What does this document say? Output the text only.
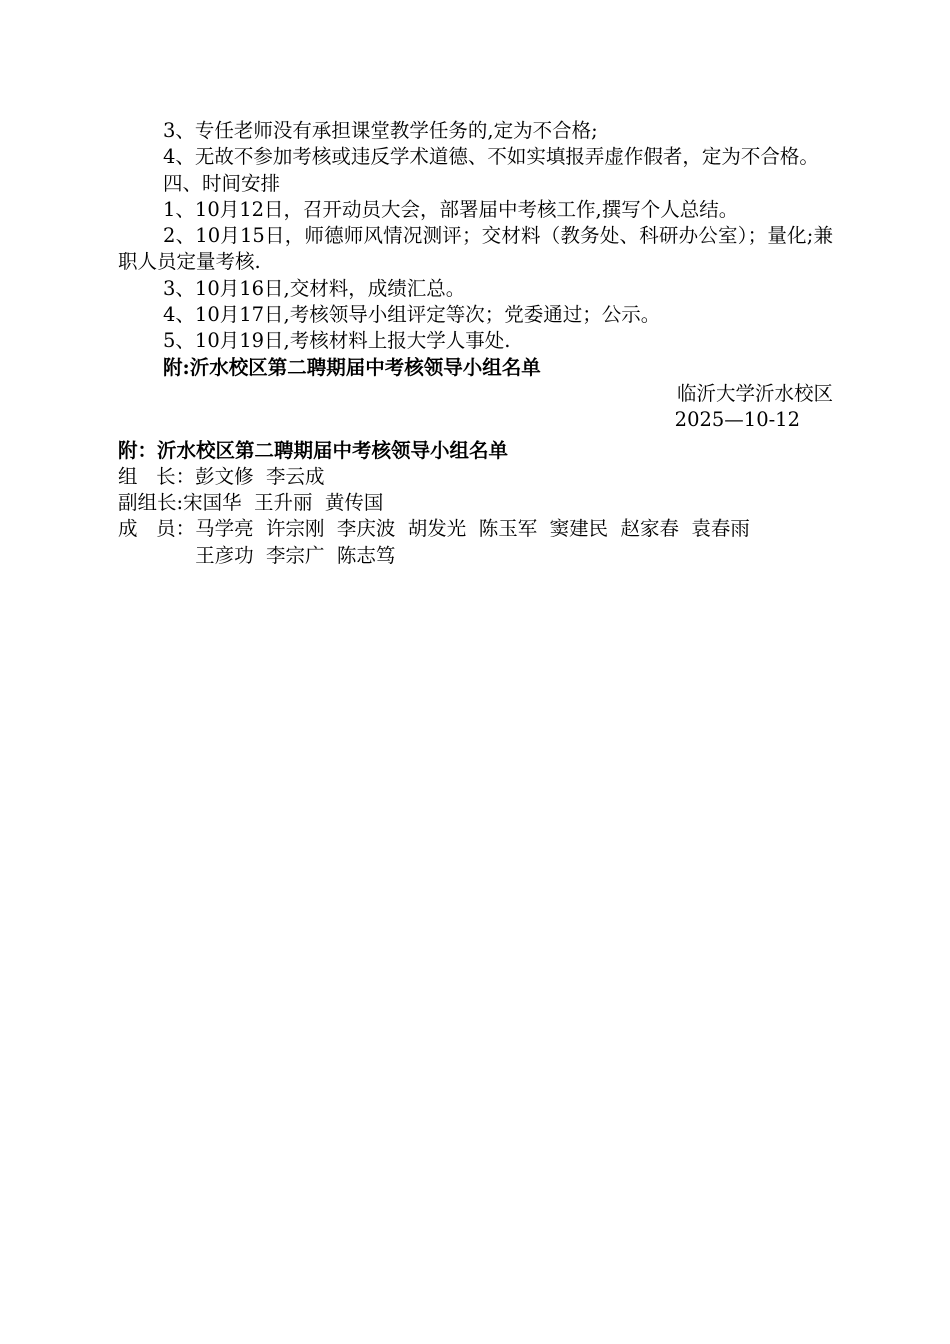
3、专任老师没有承担课堂教学任务的,定为不合格;

4、无故不参加考核或违反学术道德、不如实填报弄虚作假者，定为不合格。

四、时间安排

1、10月12日，召开动员大会，部署届中考核工作,撰写个人总结。

2、10月15日，师德师风情况测评；交材料（教务处、科研办公室）；量化;兼职人员定量考核.

3、10月16日,交材料，成绩汇总。

4、10月17日,考核领导小组评定等次；党委通过；公示。

5、10月19日,考核材料上报大学人事处.

附:沂水校区第二聘期届中考核领导小组名单

临沂大学沂水校区

2025—10-12

附：沂水校区第二聘期届中考核领导小组名单

组   长： 彭文修  李云成
副组长: 宋国华  王升丽  黄传国
成   员： 马学亮  许宗刚  李庆波  胡发光  陈玉军  窦建民  赵家春  袁春雨
王彦功  李宗广  陈志笃
